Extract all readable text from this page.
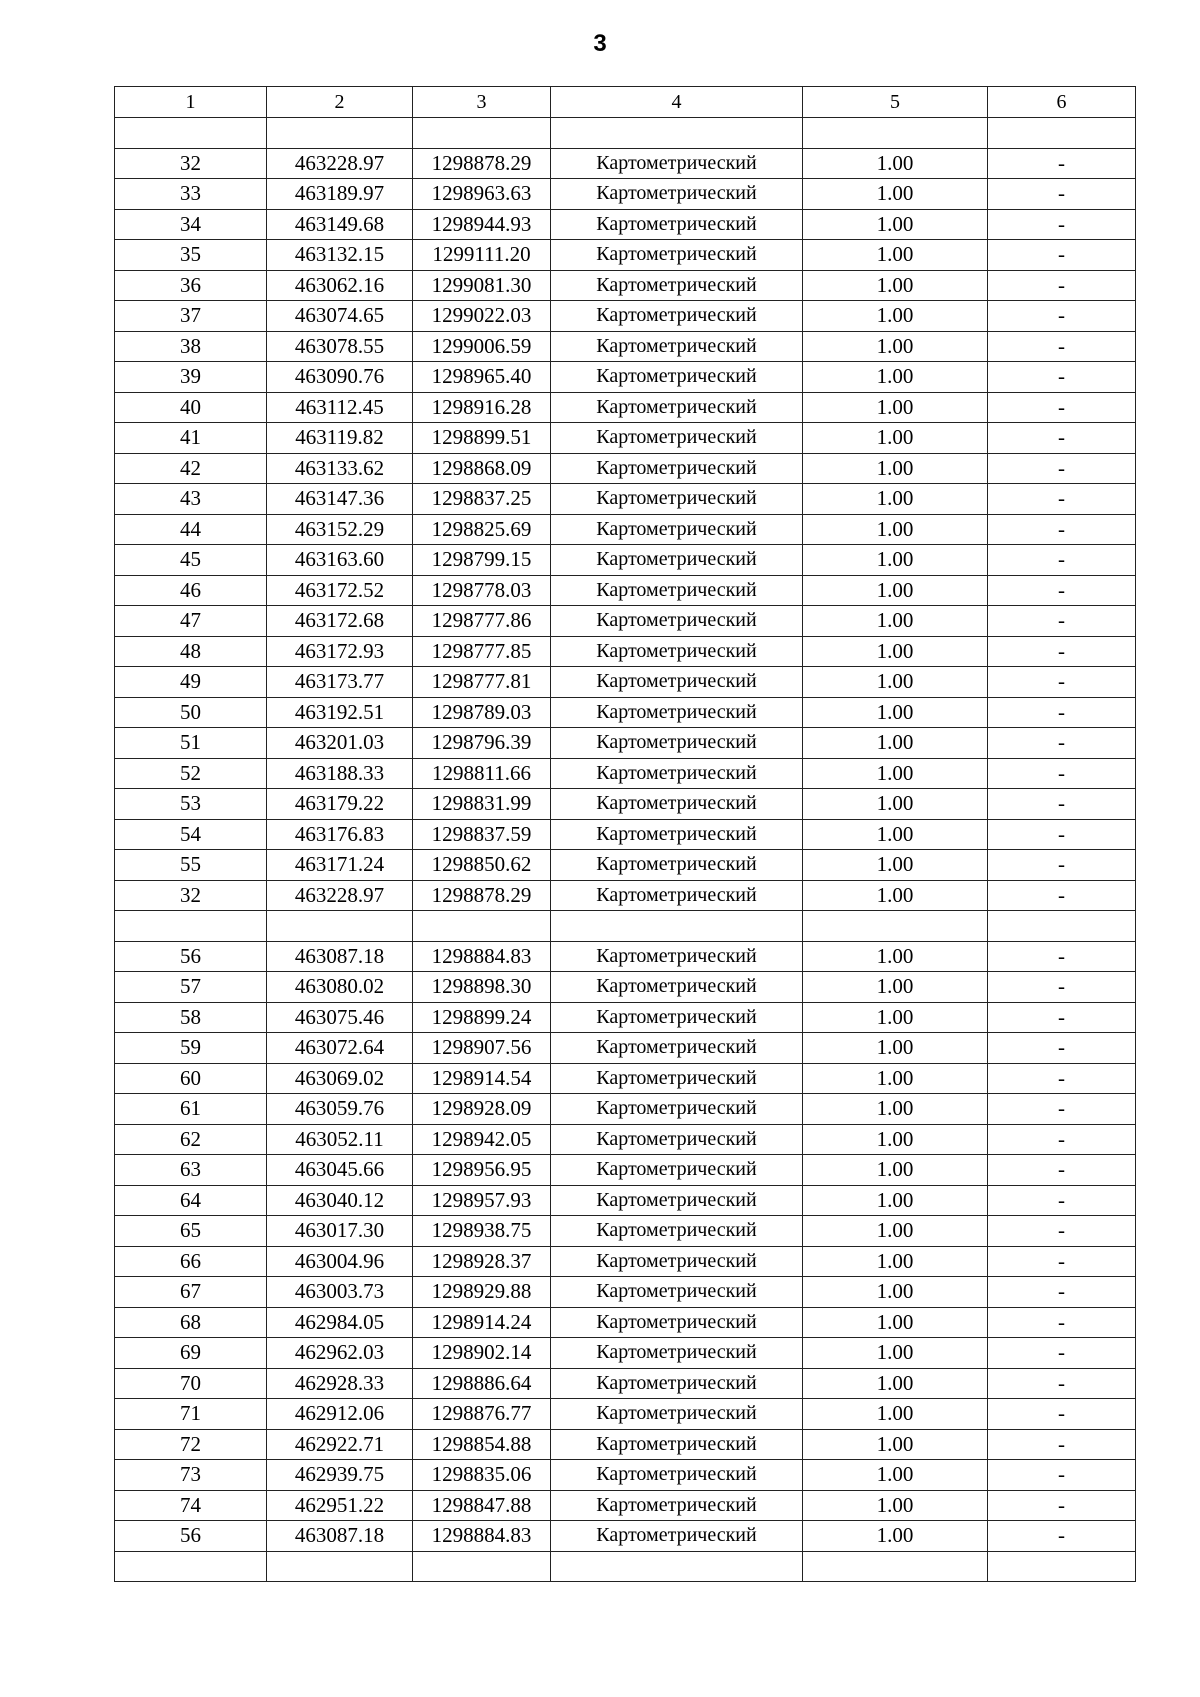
3
1	2	3	4	5	6

32	463228.97	1298878.29	Картометрический	1.00	-
33	463189.97	1298963.63	Картометрический	1.00	-
34	463149.68	1298944.93	Картометрический	1.00	-
35	463132.15	1299111.20	Картометрический	1.00	-
36	463062.16	1299081.30	Картометрический	1.00	-
37	463074.65	1299022.03	Картометрический	1.00	-
38	463078.55	1299006.59	Картометрический	1.00	-
39	463090.76	1298965.40	Картометрический	1.00	-
40	463112.45	1298916.28	Картометрический	1.00	-
41	463119.82	1298899.51	Картометрический	1.00	-
42	463133.62	1298868.09	Картометрический	1.00	-
43	463147.36	1298837.25	Картометрический	1.00	-
44	463152.29	1298825.69	Картометрический	1.00	-
45	463163.60	1298799.15	Картометрический	1.00	-
46	463172.52	1298778.03	Картометрический	1.00	-
47	463172.68	1298777.86	Картометрический	1.00	-
48	463172.93	1298777.85	Картометрический	1.00	-
49	463173.77	1298777.81	Картометрический	1.00	-
50	463192.51	1298789.03	Картометрический	1.00	-
51	463201.03	1298796.39	Картометрический	1.00	-
52	463188.33	1298811.66	Картометрический	1.00	-
53	463179.22	1298831.99	Картометрический	1.00	-
54	463176.83	1298837.59	Картометрический	1.00	-
55	463171.24	1298850.62	Картометрический	1.00	-
32	463228.97	1298878.29	Картометрический	1.00	-

56	463087.18	1298884.83	Картометрический	1.00	-
57	463080.02	1298898.30	Картометрический	1.00	-
58	463075.46	1298899.24	Картометрический	1.00	-
59	463072.64	1298907.56	Картометрический	1.00	-
60	463069.02	1298914.54	Картометрический	1.00	-
61	463059.76	1298928.09	Картометрический	1.00	-
62	463052.11	1298942.05	Картометрический	1.00	-
63	463045.66	1298956.95	Картометрический	1.00	-
64	463040.12	1298957.93	Картометрический	1.00	-
65	463017.30	1298938.75	Картометрический	1.00	-
66	463004.96	1298928.37	Картометрический	1.00	-
67	463003.73	1298929.88	Картометрический	1.00	-
68	462984.05	1298914.24	Картометрический	1.00	-
69	462962.03	1298902.14	Картометрический	1.00	-
70	462928.33	1298886.64	Картометрический	1.00	-
71	462912.06	1298876.77	Картометрический	1.00	-
72	462922.71	1298854.88	Картометрический	1.00	-
73	462939.75	1298835.06	Картометрический	1.00	-
74	462951.22	1298847.88	Картометрический	1.00	-
56	463087.18	1298884.83	Картометрический	1.00	-
